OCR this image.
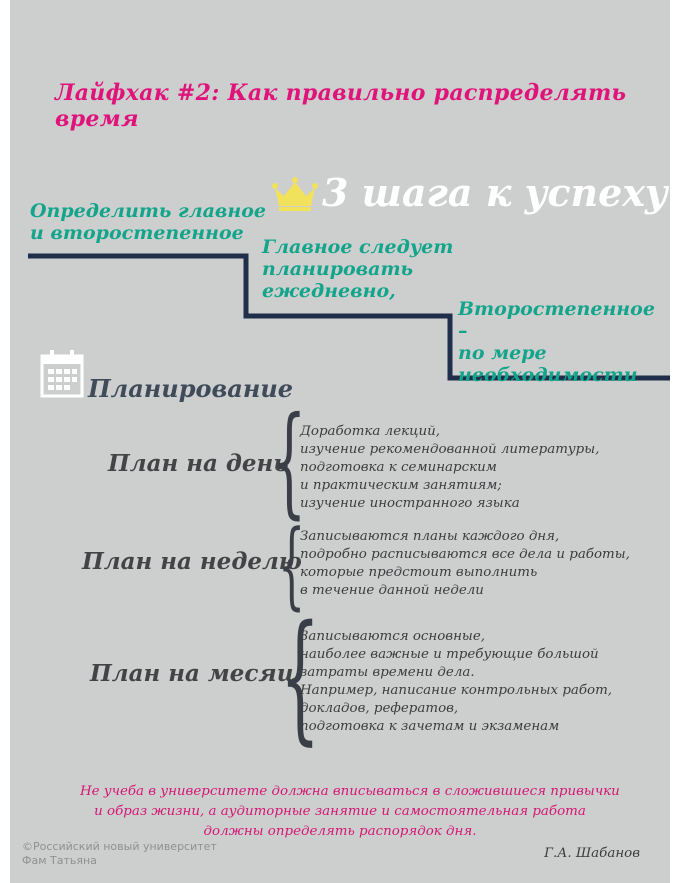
Лайфхак #2: Как правильно распределять время
3 шага к успеху
Определить главное
и второстепенное
Главное следует
планировать
ежедневно,
Второстепенное –
по мере
необходимости
Планирование
План на день
{
Доработка лекций,
изучение рекомендованной литературы,
подготовка к семинарским
и практическим занятиям;
изучение иностранного языка
План на неделю
{
Записываются планы каждого дня,
подробно расписываются все дела и работы,
которые предстоит выполнить
в течение данной недели
План на месяц
{
Записываются основные,
наиболее важные и требующие большой
затраты времени дела.
Например, написание контрольных работ,
докладов, рефератов,
подготовка к зачетам и экзаменам
Не учеба в университете должна вписываться в сложившиеся привычки
и образ жизни, а аудиторные занятие и самостоятельная работа
должны определять распорядок дня.
Г.А. Шабанов
©Российский новый университет
Фам Татьяна
